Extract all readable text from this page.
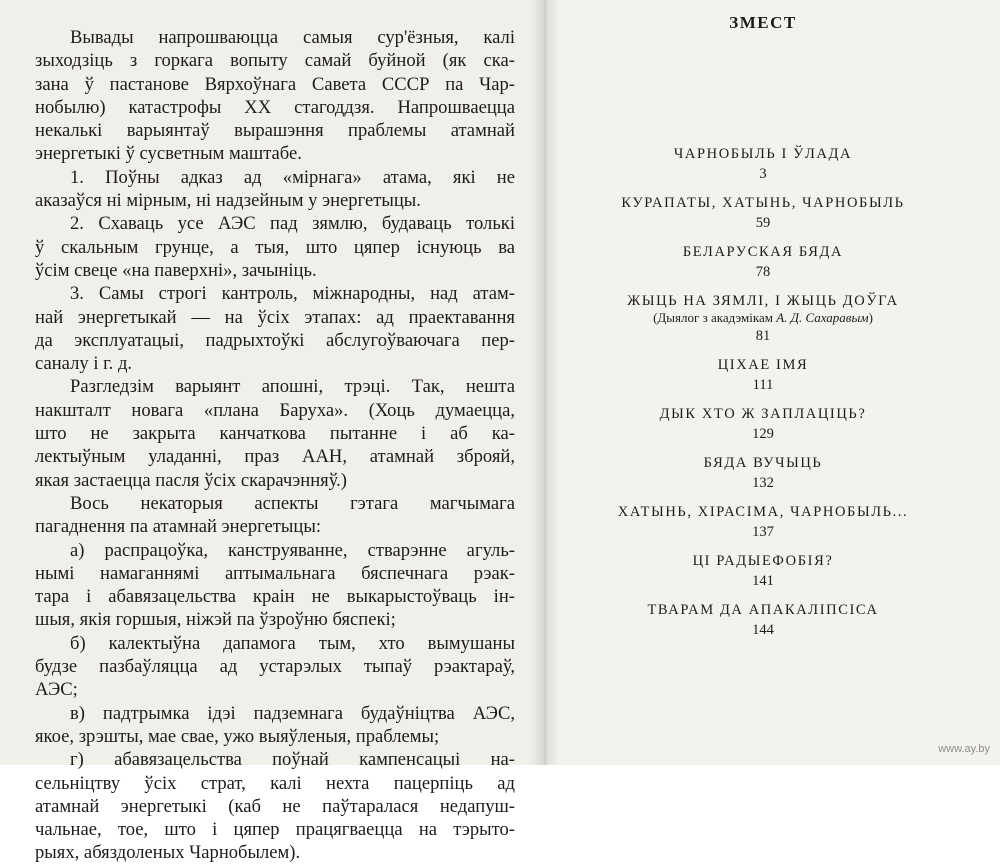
Вывады напрошваюцца самыя сур'ёзныя, калі

зыходзіць з горкага вопыту самай буйной (як ска-

зана ў пастанове Вярхоўнага Савета СССР па Чар-

нобылю) катастрофы XX стагоддзя. Напрошваецца

некалькі варыянтаў вырашэння праблемы атамнай

энергетыкі ў сусветным маштабе.

1. Поўны адказ ад «мірнага» атама, які не

аказаўся ні мірным, ні надзейным у энергетыцы.

2. Схаваць усе АЭС пад зямлю, будаваць толькі

ў скальным грунце, а тыя, што цяпер існуюць ва

ўсім свеце «на паверхні», зачыніць.

3. Самы строгі кантроль, міжнародны, над атам-

най энергетыкай — на ўсіх этапах: ад праектавання

да эксплуатацыі, падрыхтоўкі абслугоўваючага пер-

саналу і г. д.

Разгледзім варыянт апошні, трэці. Так, нешта

накшталт новага «плана Баруха». (Хоць думаецца,

што не закрыта канчаткова пытанне і аб ка-

лектыўным уладанні, праз ААН, атамнай зброяй,

якая застаецца пасля ўсіх скарачэнняў.)

Вось некаторыя аспекты гэтага магчымага

пагаднення па атамнай энергетыцы:

а) распрацоўка, канструяванне, стварэнне агуль-

нымі намаганнямі аптымальнага бяспечнага рэак-

тара і абавязацельства краін не выкарыстоўваць ін-

шыя, якія горшыя, ніжэй па ўзроўню бяспекі;

б) калектыўна дапамога тым, хто вымушаны

будзе пазбаўляцца ад устарэлых тыпаў рэактараў,

АЭС;

в) падтрымка ідэі падземнага будаўніцтва АЭС,

якое, зрэшты, мае свае, ужо выяўленыя, праблемы;

г) абавязацельства поўнай кампенсацыі на-

сельніцтву ўсіх страт, калі нехта пацерпіць ад

атамнай энергетыкі (каб не паўтаралася недапуш-

чальнае, тое, што і цяпер працягваецца на тэрыто-

рыях, абяздоленых Чарнобылем).

ЗМЕСТ
ЧАРНОБЫЛЬ І ЎЛАДА
3
КУРАПАТЫ, ХАТЫНЬ, ЧАРНОБЫЛЬ
59
БЕЛАРУСКАЯ БЯДА
78
ЖЫЦЬ НА ЗЯМЛІ, І ЖЫЦЬ ДОЎГА
(Дыялог з акадэмікам А. Д. Сахаравым)
81
ЦІХАЕ ІМЯ
111
ДЫК ХТО Ж ЗАПЛАЦІЦЬ?
129
БЯДА ВУЧЫЦЬ
132
ХАТЫНЬ, ХІРАСІМА, ЧАРНОБЫЛЬ...
137
ЦІ РАДЫЕФОБІЯ?
141
ТВАРАМ ДА АПАКАЛІПСІСА
144
www.ay.by
